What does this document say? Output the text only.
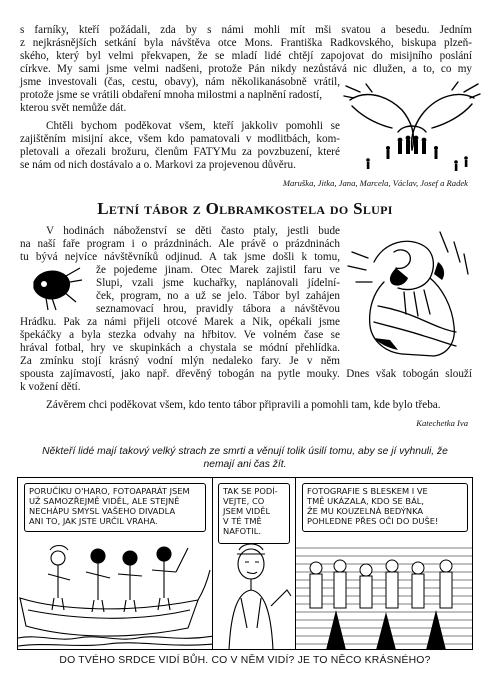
s farníky, kteří požádali, zda by s námi mohli mít mši svatou a besedu. Jedním
z nejkrásnějších setkání byla návštěva otce Mons. Františka Radkovského, biskupa plzeň-
ského, který byl velmi překvapen, že se mladí lidé chtějí zapojovat do misijního poslání
církve. My sami jsme velmi nadšeni, protože Pán nikdy nezůstává nic dlužen, a to, co my
jsme investovali (čas, cestu, obavy), nám několikanásobně vrátil,
protože jsme se vrátili obdaření mnoha milostmi a naplnění radostí,
kterou svět nemůže dát.
Chtěli bychom poděkovat všem, kteří jakkoliv pomohli se
zajištěním misijní akce, všem kdo pamatovali v modlitbách, kom-
pletovali a ořezali brožuru, členům FATYMu za povzbuzení, které
se nám od nich dostávalo a o. Markovi za projevenou důvěru.
Maruška, Jitka, Jana, Marcela, Václav, Josef a Radek
Letní tábor z Olbramkostela do Slupi
V hodinách náboženství se děti často ptaly, jestli bude
na naší faře program i o prázdninách. Ale právě o prázdninách
tu bývá nejvíce návštěvníků odjinud. A tak jsme došli k tomu,
že pojedeme jinam. Otec Marek zajistil faru ve
Slupi, vzali jsme kuchařky, naplánovali jídelní-
ček, program, no a už se jelo. Tábor byl zahájen
seznamovací hrou, pravidly tábora a návštěvou
Hrádku. Pak za námi přijeli otcové Marek a Nik, opékali jsme
špekáčky a byla stezka odvahy na hřbitov. Ve volném čase se
hrával fotbal, hry ve skupinkách a chystala se módní přehlídka.
Za zmínku stojí krásný vodní mlýn nedaleko fary. Je v něm
spousta zajímavostí, jako např. dřevěný tobogán na pytle mouky. Dnes však tobogán slouží
k vožení dětí.
Závěrem chci poděkovat všem, kdo tento tábor připravili a pomohli tam, kde bylo třeba.
Katechetka Iva
Někteří lidé mají takový velký strach ze smrti a věnují tolik úsilí tomu, aby se jí vyhnuli, že
nemají ani čas žít.
PORUČÍKU O'HARO, FOTOAPARÁT JSEM
UŽ SAMOZŘEJMĚ VIDĚL, ALE STEJNĚ
NECHÁPU SMYSL VAŠEHO DIVADLA
ANI TO, JAK JSTE URČIL VRAHA.
TAK SE PODÍ-
VEJTE, CO
JSEM VIDĚL
V TÉ TMĚ
NAFOTIL.
FOTOGRAFIE S BLESKEM I VE
TMĚ UKÁZALA, KDO SE BÁL,
ŽE MU KOUZELNÁ BEDÝNKA
POHLEDNE PŘES OČI DO DUŠE!
DO TVÉHO SRDCE VIDÍ BŮH. CO V NĚM VIDÍ? JE TO NĚCO KRÁSNÉHO?
